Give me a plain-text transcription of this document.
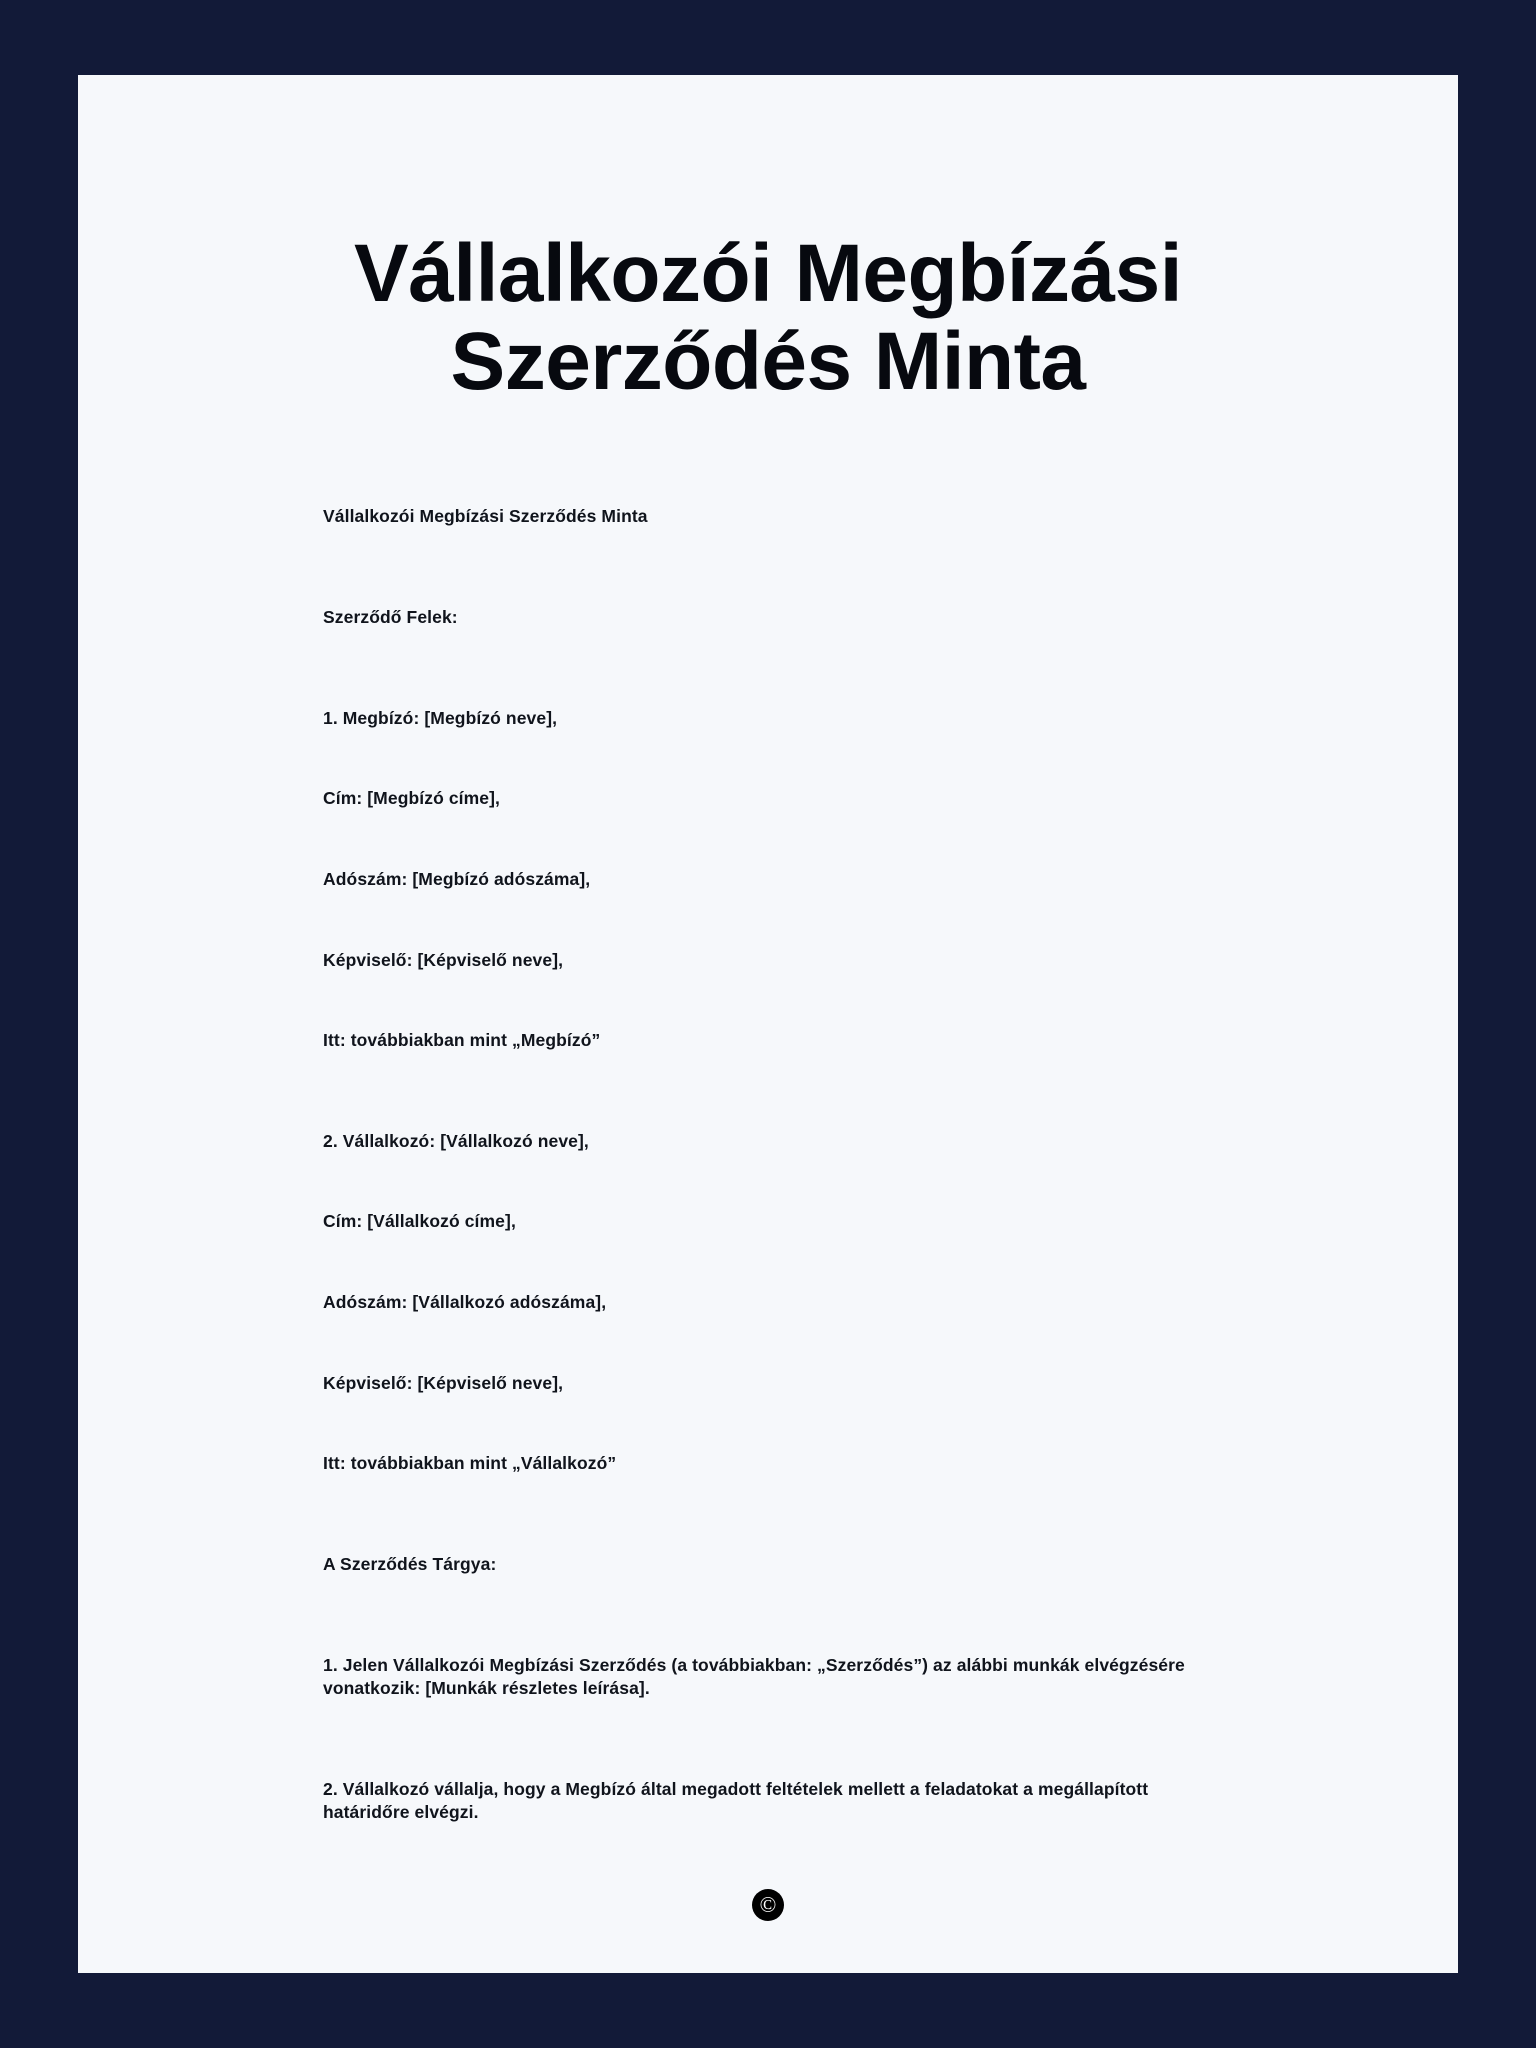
Vállalkozói Megbízási Szerződés Minta

Vállalkozói Megbízási Szerződés Minta

Szerződő Felek:

1. Megbízó: [Megbízó neve],

Cím: [Megbízó címe],

Adószám: [Megbízó adószáma],

Képviselő: [Képviselő neve],

Itt: továbbiakban mint „Megbízó”

2. Vállalkozó: [Vállalkozó neve],

Cím: [Vállalkozó címe],

Adószám: [Vállalkozó adószáma],

Képviselő: [Képviselő neve],

Itt: továbbiakban mint „Vállalkozó”

A Szerződés Tárgya:

1. Jelen Vállalkozói Megbízási Szerződés (a továbbiakban: „Szerződés”) az alábbi munkák elvégzésére vonatkozik: [Munkák részletes leírása].

2. Vállalkozó vállalja, hogy a Megbízó által megadott feltételek mellett a feladatokat a megállapított határidőre elvégzi.

©
